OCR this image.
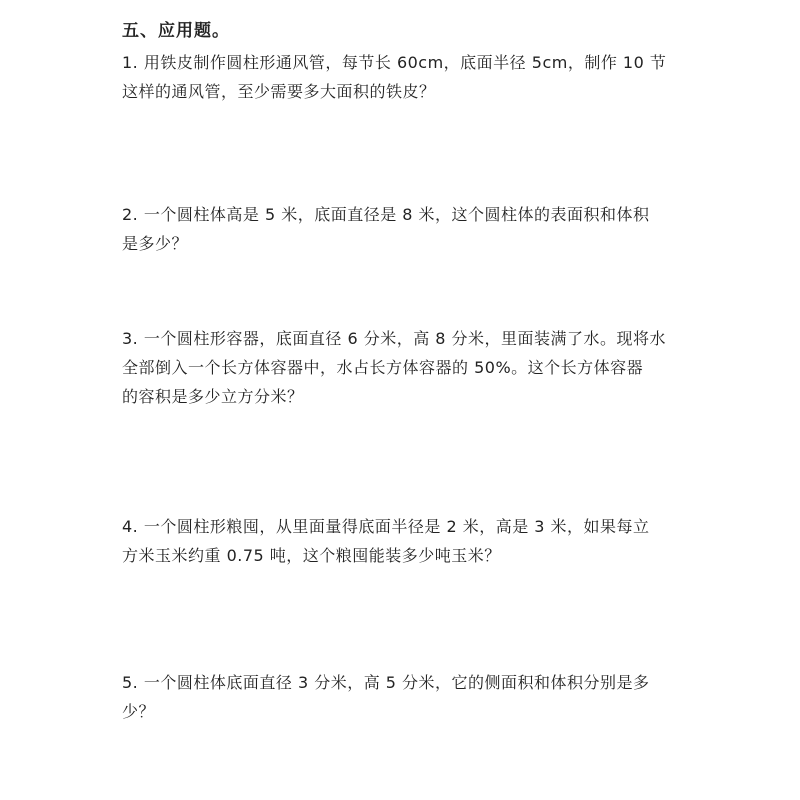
五、应用题。
1. 用铁皮制作圆柱形通风管，每节长 60cm，底面半径 5cm，制作 10 节
这样的通风管，至少需要多大面积的铁皮？
2. 一个圆柱体高是 5 米，底面直径是 8 米，这个圆柱体的表面积和体积
是多少？
3. 一个圆柱形容器，底面直径 6 分米，高 8 分米，里面装满了水。现将水
全部倒入一个长方体容器中，水占长方体容器的 50%。这个长方体容器
的容积是多少立方分米？
4. 一个圆柱形粮囤，从里面量得底面半径是 2 米，高是 3 米，如果每立
方米玉米约重 0.75 吨，这个粮囤能装多少吨玉米？
5. 一个圆柱体底面直径 3 分米，高 5 分米，它的侧面积和体积分别是多
少？
